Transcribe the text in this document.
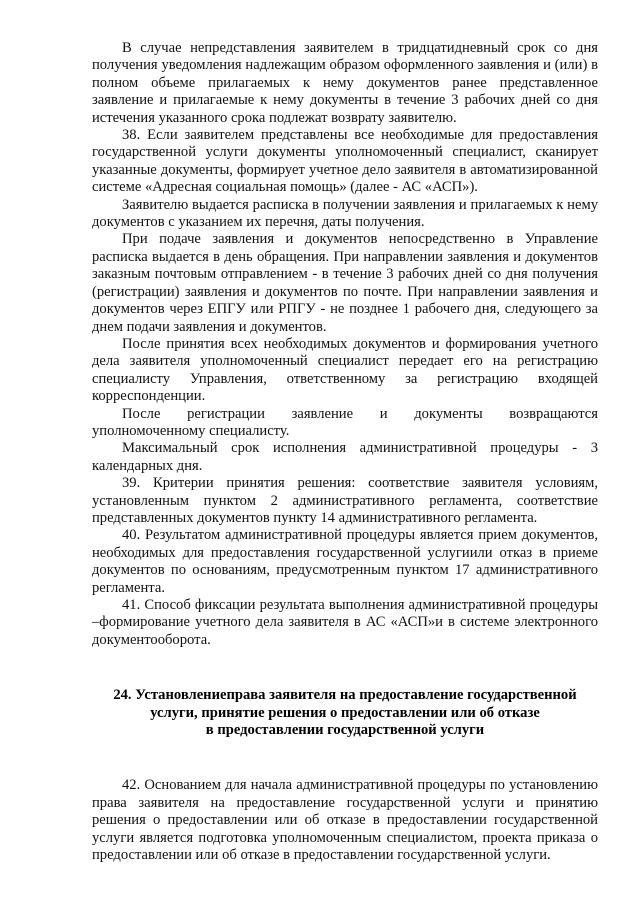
В случае непредставления заявителем в тридцатидневный срок со дня получения уведомления надлежащим образом оформленного заявления и (или) в полном объеме прилагаемых к нему документов ранее представленное заявление и прилагаемые к нему документы в течение 3 рабочих дней со дня истечения указанного срока подлежат возврату заявителю.

38. Если заявителем представлены все необходимые для предоставления государственной услуги документы уполномоченный специалист, сканирует указанные документы, формирует учетное дело заявителя в автоматизированной системе «Адресная социальная помощь» (далее - АС «АСП»).

Заявителю выдается расписка в получении заявления и прилагаемых к нему документов с указанием их перечня, даты получения.

При подаче заявления и документов непосредственно в Управление расписка выдается в день обращения. При направлении заявления и документов заказным почтовым отправлением - в течение 3 рабочих дней со дня получения (регистрации) заявления и документов по почте. При направлении заявления и документов через ЕПГУ или РПГУ - не позднее 1 рабочего дня, следующего за днем подачи заявления и документов.

После принятия всех необходимых документов и формирования учетного дела заявителя уполномоченный специалист передает его на регистрацию специалисту Управления, ответственному за регистрацию входящей корреспонденции.

После регистрации заявление и документы возвращаются уполномоченному специалисту.

Максимальный срок исполнения административной процедуры - 3 календарных дня.

39. Критерии принятия решения: соответствие заявителя условиям, установленным пунктом 2 административного регламента, соответствие представленных документов пункту 14 административного регламента.

40. Результатом административной процедуры является прием документов, необходимых для предоставления государственной услугиили отказ в приеме документов по основаниям, предусмотренным пунктом 17 административного регламента.

41. Способ фиксации результата выполнения административной процедуры –формирование учетного дела заявителя в АС «АСП»и в системе электронного документооборота.

24. Установлениеправа заявителя на предоставление государственной
услуги, принятие решения о предоставлении или об отказе
в предоставлении государственной услуги

42. Основанием для начала административной процедуры по установлению права заявителя на предоставление государственной услуги и принятию решения о предоставлении или об отказе в предоставлении государственной услуги является подготовка уполномоченным специалистом, проекта приказа о предоставлении или об отказе в предоставлении государственной услуги.
